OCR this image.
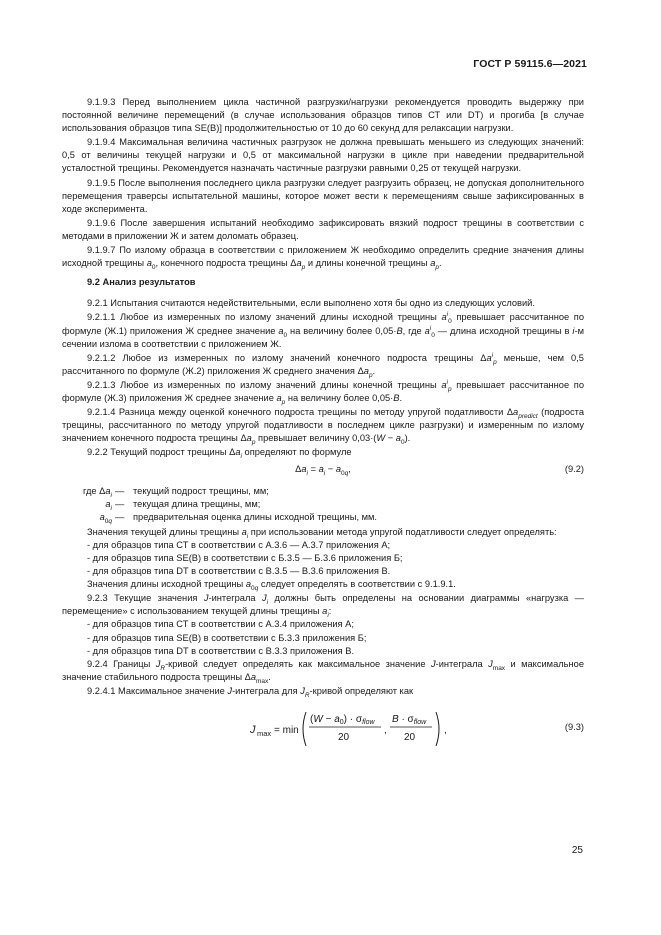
ГОСТ Р 59115.6—2021

9.1.9.3 Перед выполнением цикла частичной разгрузки/нагрузки рекомендуется проводить выдержку при постоянной величине перемещений (в случае использования образцов типов СТ или DT) и прогиба [в случае использования образцов типа SE(B)] продолжительностью от 10 до 60 секунд для релаксации нагрузки.

9.1.9.4 Максимальная величина частичных разгрузок не должна превышать меньшего из следующих значений: 0,5 от величины текущей нагрузки и 0,5 от максимальной нагрузки в цикле при наведении предварительной усталостной трещины. Рекомендуется назначать частичные разгрузки равными 0,25 от текущей нагрузки.

9.1.9.5 После выполнения последнего цикла разгрузки следует разгрузить образец, не допуская дополнительного перемещения траверсы испытательной машины, которое может вести к перемещениям свыше зафиксированных в ходе эксперимента.

9.1.9.6 После завершения испытаний необходимо зафиксировать вязкий подрост трещины в соответствии с методами в приложении Ж и затем доломать образец.

9.1.9.7 По излому образца в соответствии с приложением Ж необходимо определить средние значения длины исходной трещины $a_0$, конечного подроста трещины $\Delta a_p$ и длины конечной трещины $a_p$.

9.2 Анализ результатов

9.2.1 Испытания считаются недействительными, если выполнено хотя бы одно из следующих условий.

9.2.1.1 Любое из измеренных по излому значений длины исходной трещины $a^i_0$ превышает рассчитанное по формуле (Ж.1) приложения Ж среднее значение $a_0$ на величину более 0,05·B, где $a^i_0$ — длина исходной трещины в i-м сечении излома в соответствии с приложением Ж.

9.2.1.2 Любое из измеренных по излому значений конечного подроста трещины $\Delta a^i_p$ меньше, чем 0,5 рассчитанного по формуле (Ж.2) приложения Ж среднего значения $\Delta a_p$.

9.2.1.3 Любое из измеренных по излому значений длины конечной трещины $a^i_p$ превышает рассчитанное по формуле (Ж.3) приложения Ж среднее значение $a_p$ на величину более 0,05·B.

9.2.1.4 Разница между оценкой конечного подроста трещины по методу упругой податливости $\Delta a_{predict}$ (подроста трещины, рассчитанного по методу упругой податливости в последнем цикле разгрузки) и измеренным по излому значением конечного подроста трещины $\Delta a_p$ превышает величину $0,03\cdot(W - a_0)$.

9.2.2 Текущий подрост трещины $\Delta a_i$ определяют по формуле

$\Delta a_i = a_i - a_{0q}$,	(9.2)
где $\Delta a_i$ — текущий подрост трещины, мм;
$a_i$ — текущая длина трещины, мм;
$a_{0q}$ — предварительная оценка длины исходной трещины, мм.

Значения текущей длины трещины $a_i$ при использовании метода упругой податливости следует определять:

- для образцов типа СТ в соответствии с А.3.6 — А.3.7 приложения А;

- для образцов типа SE(B) в соответствии с Б.3.5 — Б.3.6 приложения Б;

- для образцов типа DT в соответствии с В.3.5 — В.3.6 приложения В.

Значения длины исходной трещины $a_{0q}$ следует определять в соответствии с 9.1.9.1.

9.2.3 Текущие значения J-интеграла $J_i$ должны быть определены на основании диаграммы «нагрузка — перемещение» с использованием текущей длины трещины $a_i$:

- для образцов типа СТ в соответствии с А.3.4 приложения А;

- для образцов типа SE(B) в соответствии с Б.3.3 приложения Б;

- для образцов типа DT в соответствии с В.3.3 приложения В.

9.2.4 Границы $J_R$-кривой следует определять как максимальное значение J-интеграла $J_{max}$ и максимальное значение стабильного подроста трещины $\Delta a_{max}$.

9.2.4.1 Максимальное значение J-интеграла для $J_R$-кривой определяют как

J max = min
$(W - a_0) \cdot \sigma_{flow}$
20
,
$B \cdot \sigma_{flow}$
20
,	(9.3)
25
